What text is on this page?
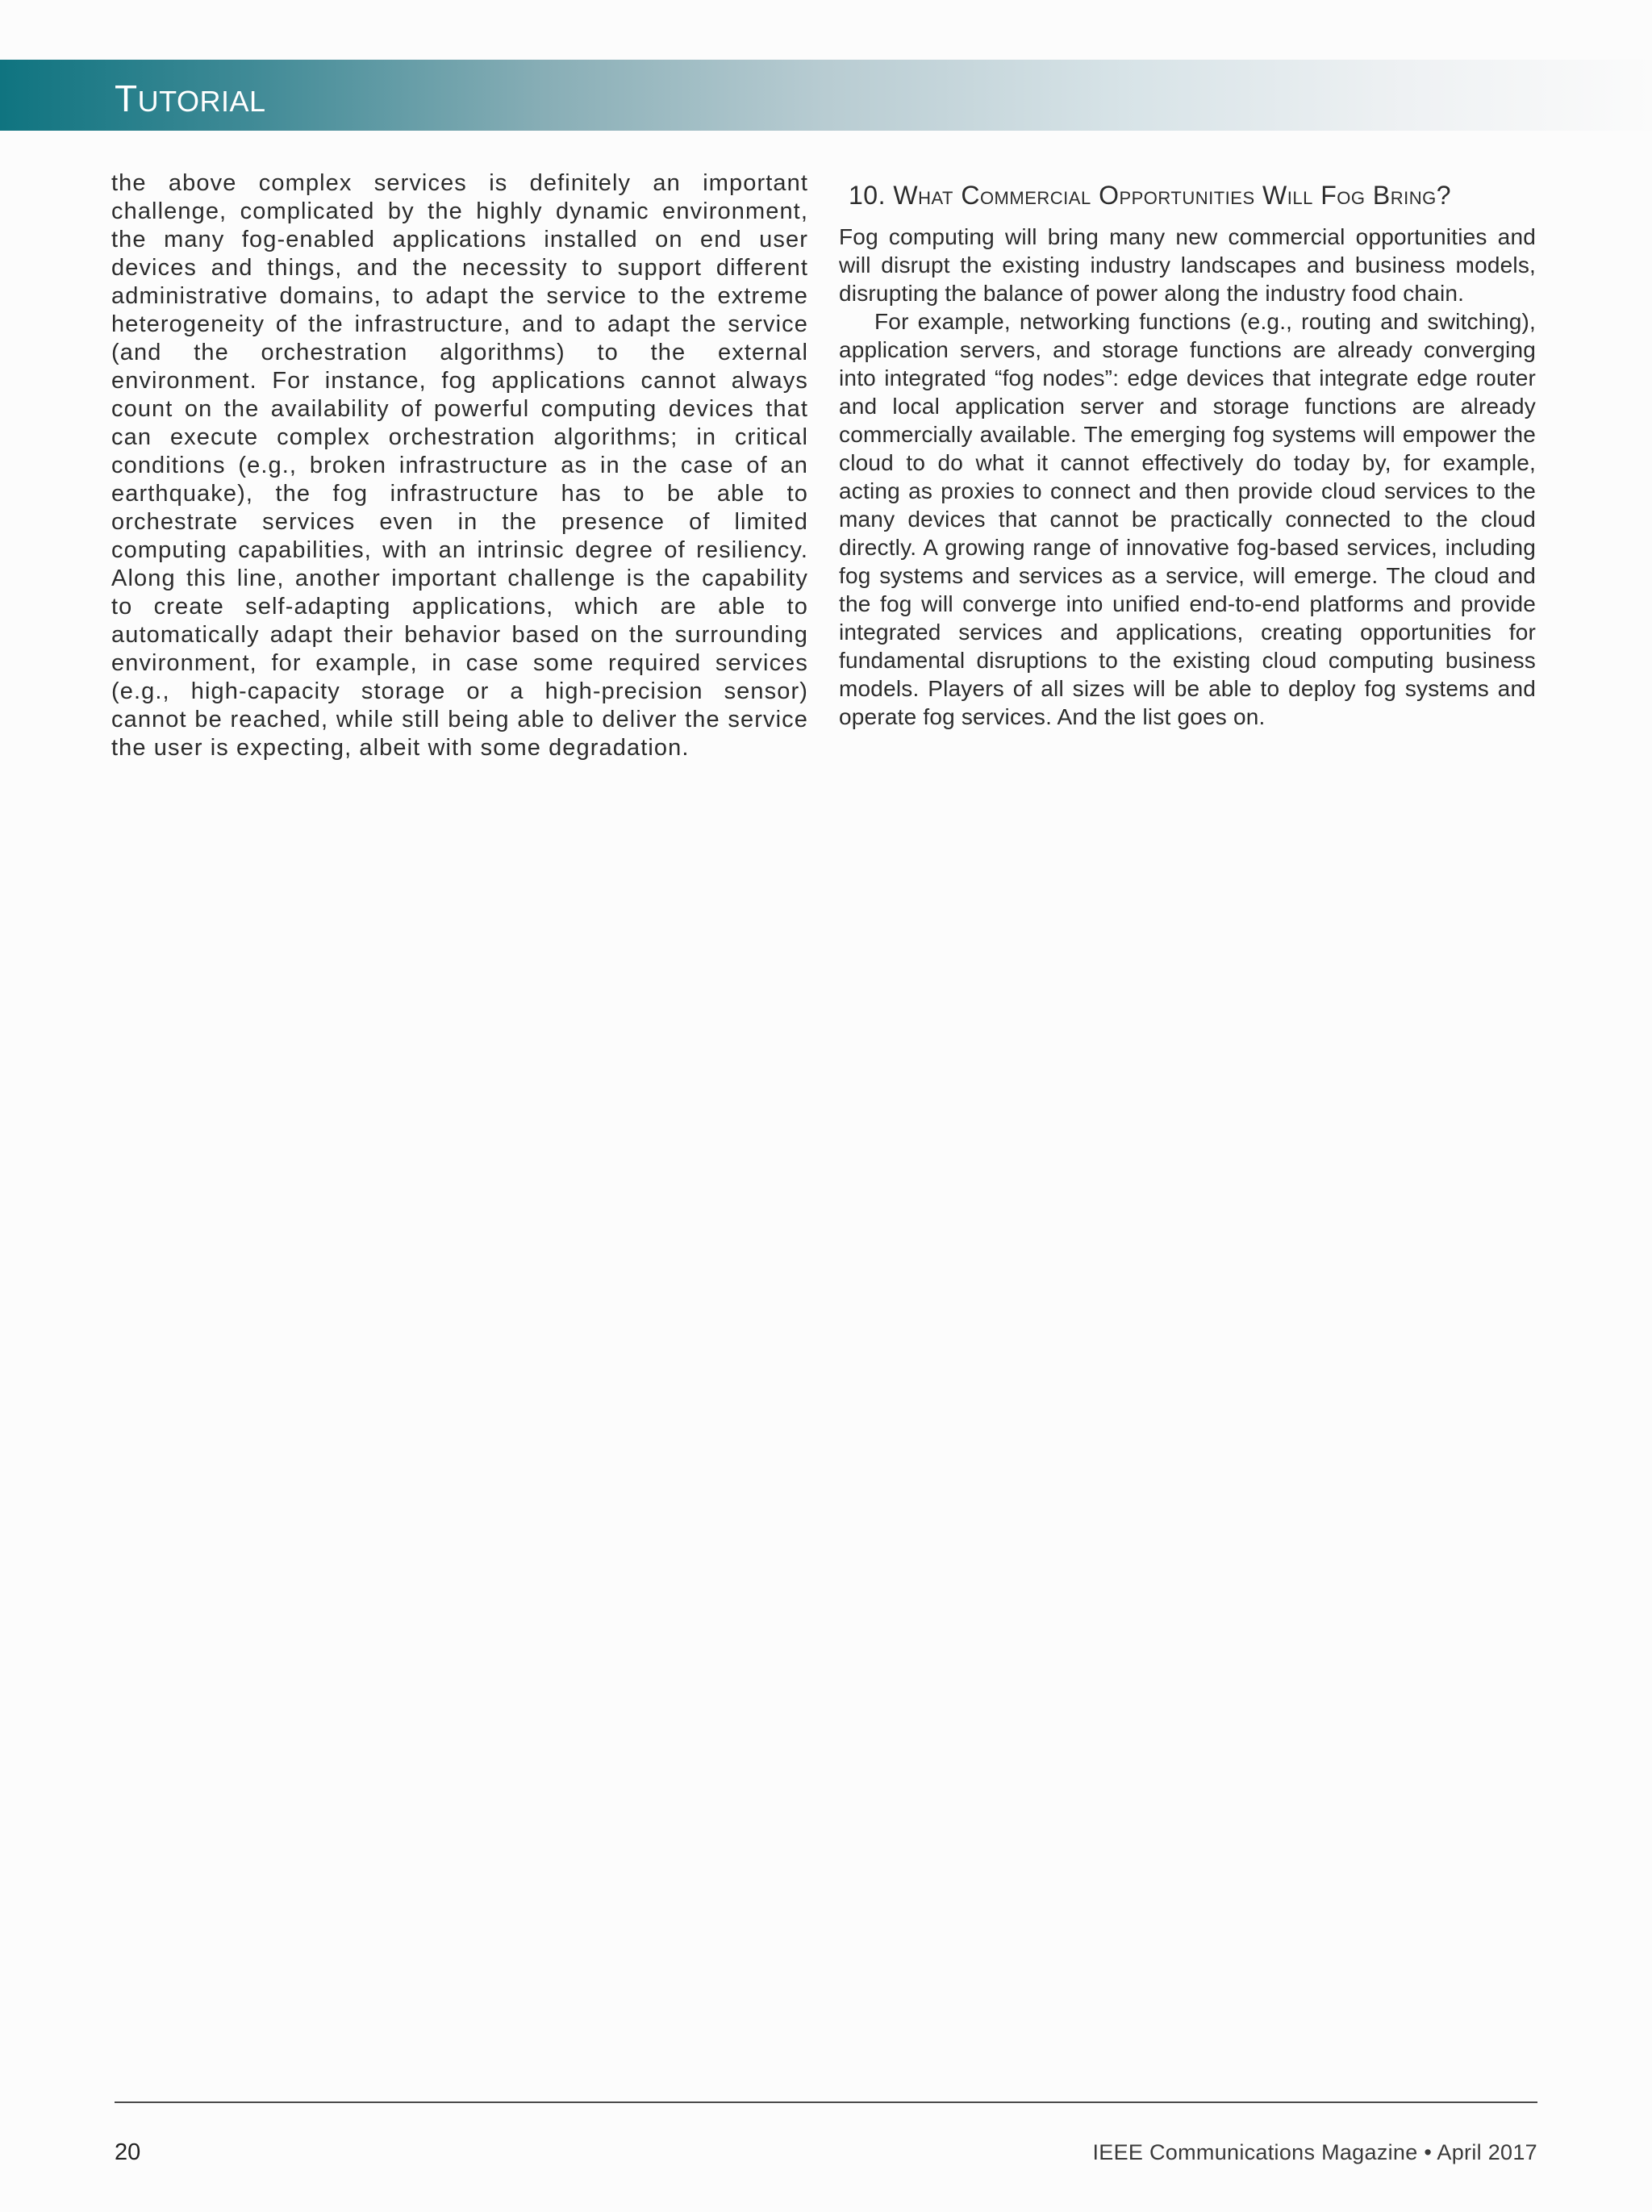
TUTORIAL

the above complex services is definitely an important challenge, complicated by the highly dynamic environment, the many fog-enabled applications installed on end user devices and things, and the necessity to support different administrative domains, to adapt the service to the extreme heterogeneity of the infrastructure, and to adapt the service (and the orchestration algorithms) to the external environment. For instance, fog applications cannot always count on the availability of powerful computing devices that can execute complex orchestration algorithms; in critical conditions (e.g., broken infrastructure as in the case of an earthquake), the fog infrastructure has to be able to orchestrate services even in the presence of limited computing capabilities, with an intrinsic degree of resiliency. Along this line, another important challenge is the capability to create self-adapting applications, which are able to automatically adapt their behavior based on the surrounding environment, for example, in case some required services (e.g., high-capacity storage or a high-precision sensor) cannot be reached, while still being able to deliver the service the user is expecting, albeit with some degradation.

10. What Commercial Opportunities Will Fog Bring?

Fog computing will bring many new commercial opportunities and will disrupt the existing industry landscapes and business models, disrupting the balance of power along the industry food chain.

For example, networking functions (e.g., routing and switching), application servers, and storage functions are already converging into integrated “fog nodes”: edge devices that integrate edge router and local application server and storage functions are already commercially available. The emerging fog systems will empower the cloud to do what it cannot effectively do today by, for example, acting as proxies to connect and then provide cloud services to the many devices that cannot be practically connected to the cloud directly. A growing range of innovative fog-based services, including fog systems and services as a service, will emerge. The cloud and the fog will converge into unified end-to-end platforms and provide integrated services and applications, creating opportunities for fundamental disruptions to the existing cloud computing business models. Players of all sizes will be able to deploy fog systems and operate fog services. And the list goes on.

20	IEEE Communications Magazine • April 2017
